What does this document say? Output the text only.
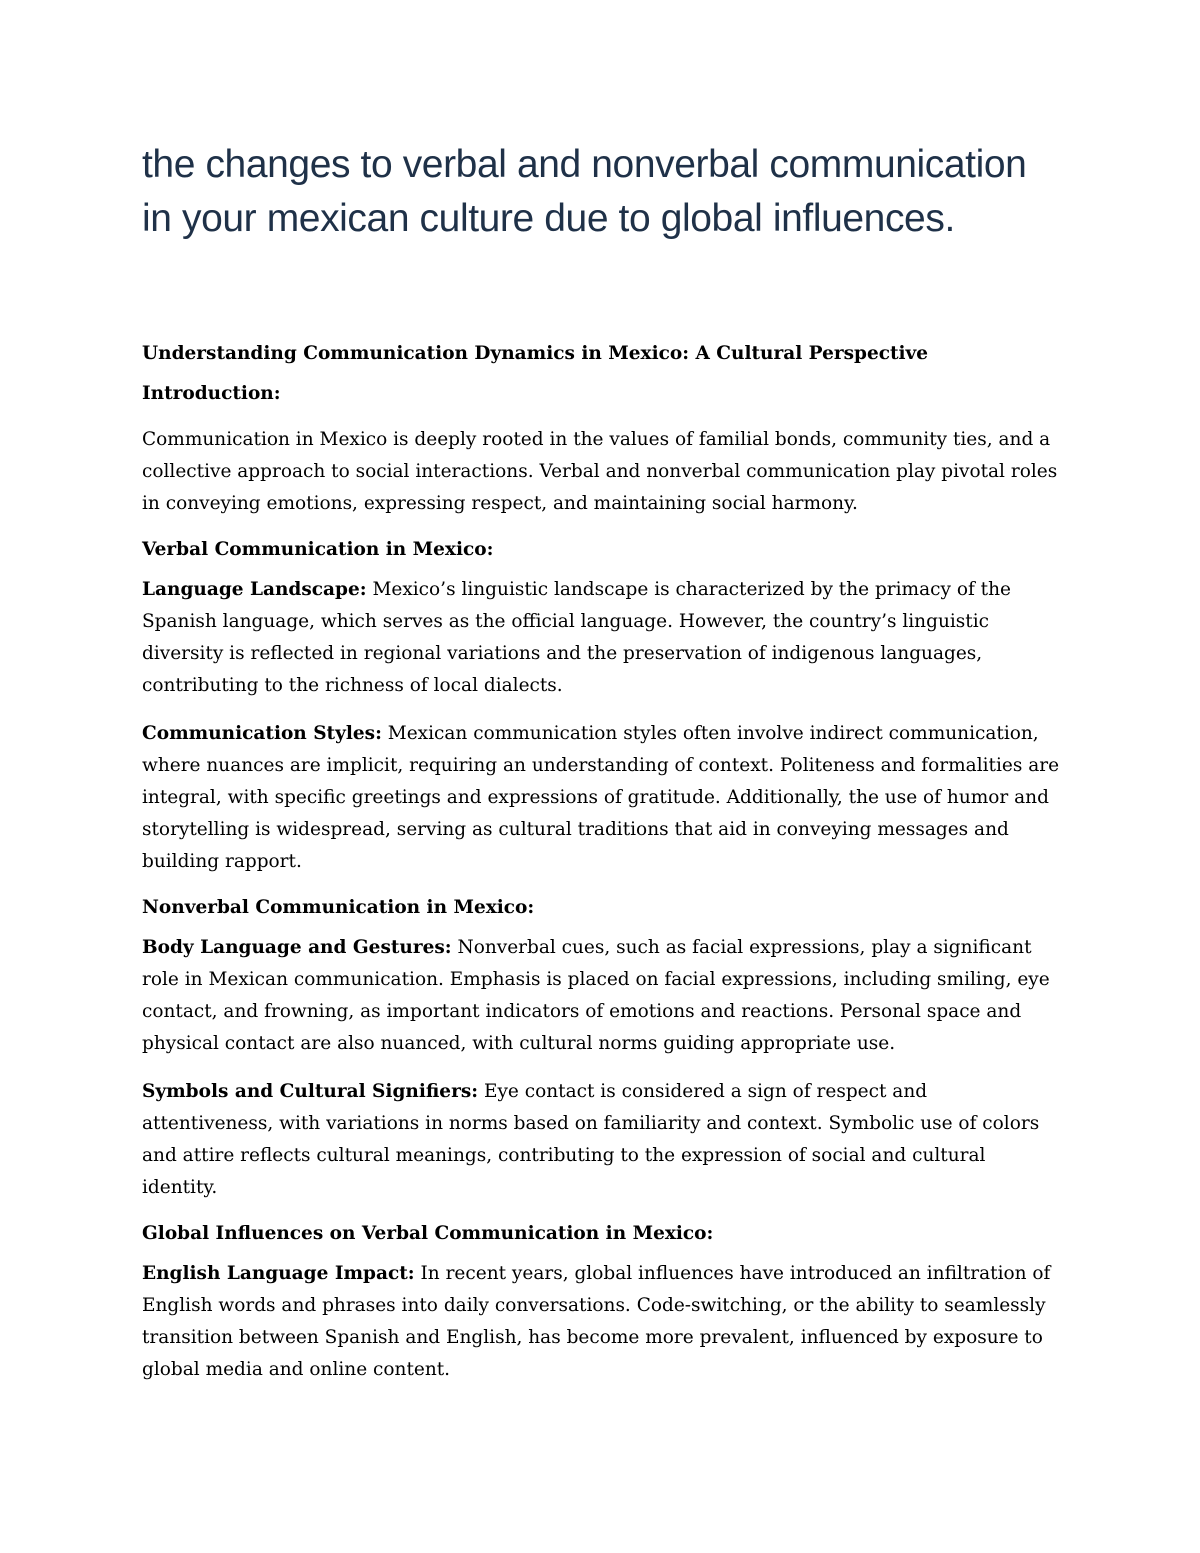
the changes to verbal and nonverbal communication in your mexican culture due to global influences.

Understanding Communication Dynamics in Mexico: A Cultural Perspective

Introduction:

Communication in Mexico is deeply rooted in the values of familial bonds, community ties, and a collective approach to social interactions. Verbal and nonverbal communication play pivotal roles in conveying emotions, expressing respect, and maintaining social harmony.

Verbal Communication in Mexico:

Language Landscape: Mexico’s linguistic landscape is characterized by the primacy of the Spanish language, which serves as the official language. However, the country’s linguistic diversity is reflected in regional variations and the preservation of indigenous languages, contributing to the richness of local dialects.

Communication Styles: Mexican communication styles often involve indirect communication, where nuances are implicit, requiring an understanding of context. Politeness and formalities are integral, with specific greetings and expressions of gratitude. Additionally, the use of humor and storytelling is widespread, serving as cultural traditions that aid in conveying messages and building rapport.

Nonverbal Communication in Mexico:

Body Language and Gestures: Nonverbal cues, such as facial expressions, play a significant role in Mexican communication. Emphasis is placed on facial expressions, including smiling, eye contact, and frowning, as important indicators of emotions and reactions. Personal space and physical contact are also nuanced, with cultural norms guiding appropriate use.

Symbols and Cultural Signifiers: Eye contact is considered a sign of respect and attentiveness, with variations in norms based on familiarity and context. Symbolic use of colors and attire reflects cultural meanings, contributing to the expression of social and cultural identity.

Global Influences on Verbal Communication in Mexico:

English Language Impact: In recent years, global influences have introduced an infiltration of English words and phrases into daily conversations. Code-switching, or the ability to seamlessly transition between Spanish and English, has become more prevalent, influenced by exposure to global media and online content.
